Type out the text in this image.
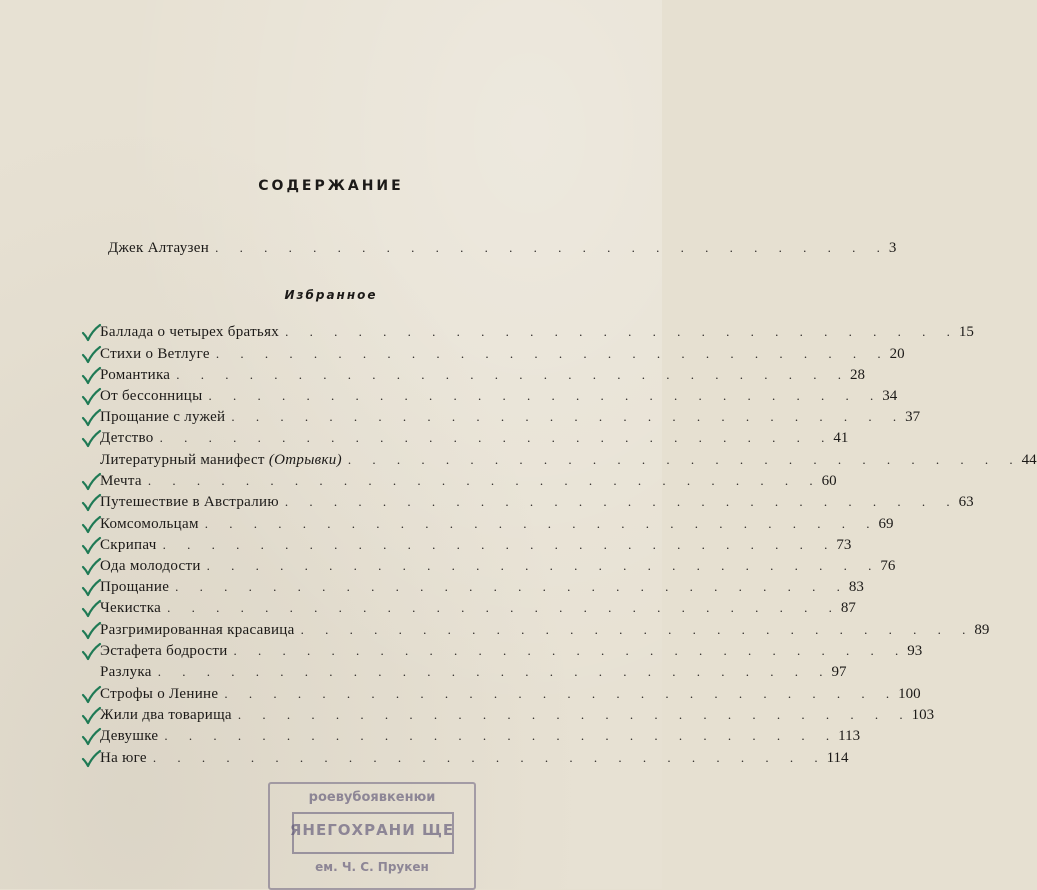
СОДЕРЖАНИЕ
Джек Алтаузен . . . . . . . . . . . . . . . . . . . . . . . . . . . . 3
Баллада о четырех братьях . . . . . . . . . . . . . . . . . . . . . . . . . . . . 15
Стихи о Ветлуге . . . . . . . . . . . . . . . . . . . . . . . . . . . . 20
Романтика . . . . . . . . . . . . . . . . . . . . . . . . . . . . 28
От бессонницы . . . . . . . . . . . . . . . . . . . . . . . . . . . . 34
Прощание с лужей . . . . . . . . . . . . . . . . . . . . . . . . . . . . 37
Детство . . . . . . . . . . . . . . . . . . . . . . . . . . . . 41
Литературный манифест (Отрывки) . . . . . . . . . . . . . . . . . . . . . . . . . . . . 44
Мечта . . . . . . . . . . . . . . . . . . . . . . . . . . . . 60
Путешествие в Австралию . . . . . . . . . . . . . . . . . . . . . . . . . . . . 63
Комсомольцам . . . . . . . . . . . . . . . . . . . . . . . . . . . . 69
Скрипач . . . . . . . . . . . . . . . . . . . . . . . . . . . . 73
Ода молодости . . . . . . . . . . . . . . . . . . . . . . . . . . . . 76
Прощание . . . . . . . . . . . . . . . . . . . . . . . . . . . . 83
Чекистка . . . . . . . . . . . . . . . . . . . . . . . . . . . . 87
Разгримированная красавица . . . . . . . . . . . . . . . . . . . . . . . . . . . . 89
Эстафета бодрости . . . . . . . . . . . . . . . . . . . . . . . . . . . . 93
Разлука . . . . . . . . . . . . . . . . . . . . . . . . . . . . 97
Строфы о Ленине . . . . . . . . . . . . . . . . . . . . . . . . . . . . 100
Жили два товарища . . . . . . . . . . . . . . . . . . . . . . . . . . . . 103
Девушке . . . . . . . . . . . . . . . . . . . . . . . . . . . . 113
На юге . . . . . . . . . . . . . . . . . . . . . . . . . . . . 114
Избранное
роевубоявкенюи
ЯНЕГОХРАНИ ЩЕ
ем. Ч. С. Прукен
